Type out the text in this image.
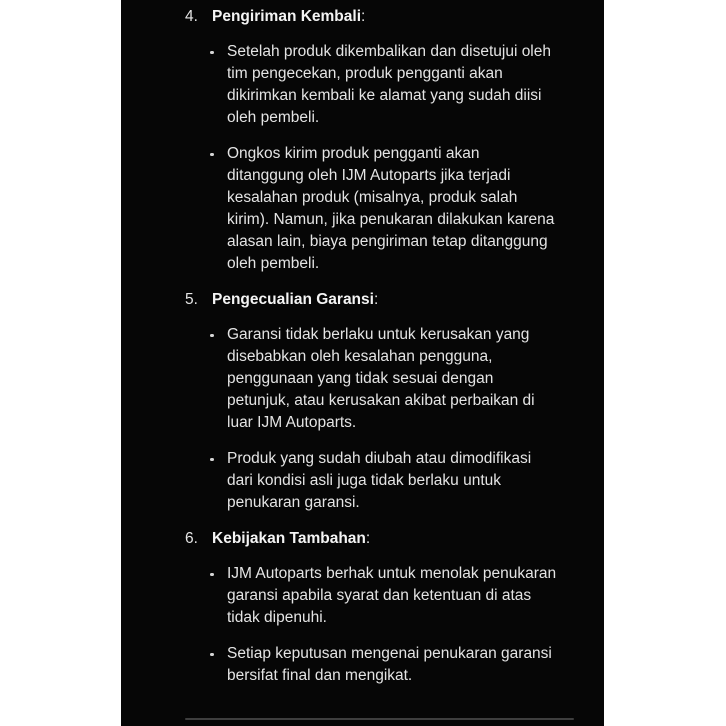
4. Pengiriman Kembali:
Setelah produk dikembalikan dan disetujui oleh tim pengecekan, produk pengganti akan dikirimkan kembali ke alamat yang sudah diisi oleh pembeli.
Ongkos kirim produk pengganti akan ditanggung oleh IJM Autoparts jika terjadi kesalahan produk (misalnya, produk salah kirim). Namun, jika penukaran dilakukan karena alasan lain, biaya pengiriman tetap ditanggung oleh pembeli.
5. Pengecualian Garansi:
Garansi tidak berlaku untuk kerusakan yang disebabkan oleh kesalahan pengguna, penggunaan yang tidak sesuai dengan petunjuk, atau kerusakan akibat perbaikan di luar IJM Autoparts.
Produk yang sudah diubah atau dimodifikasi dari kondisi asli juga tidak berlaku untuk penukaran garansi.
6. Kebijakan Tambahan:
IJM Autoparts berhak untuk menolak penukaran garansi apabila syarat dan ketentuan di atas tidak dipenuhi.
Setiap keputusan mengenai penukaran garansi bersifat final dan mengikat.
